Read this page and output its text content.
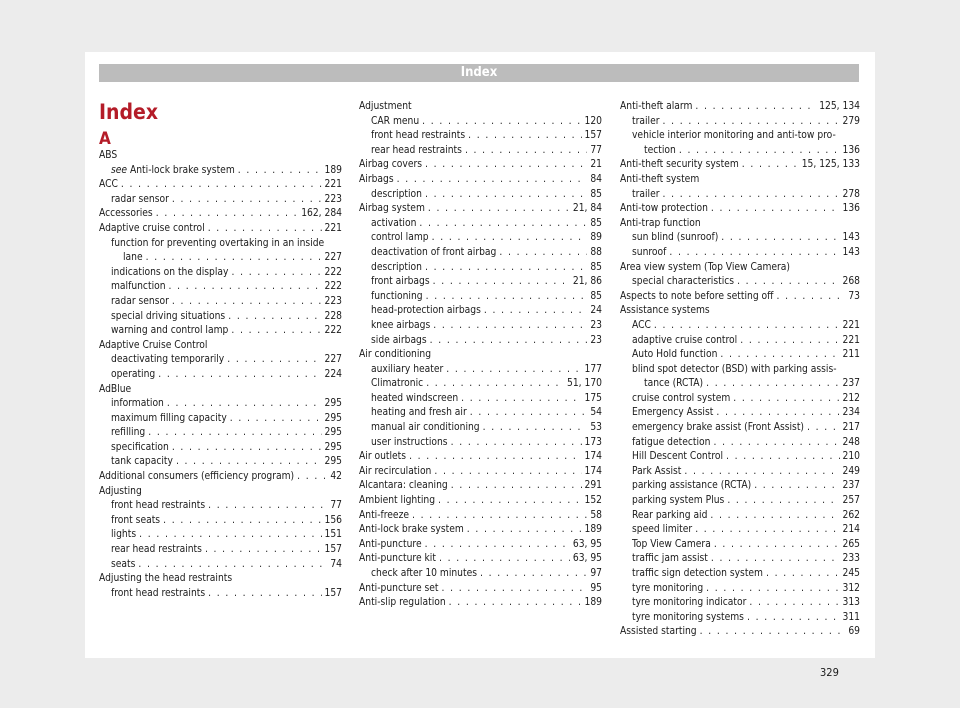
Index
Index
A
ABS
see Anti-lock brake system . . .	189
ACC . . .	221
radar sensor . . .	223
Accessories . . .	162, 284
Adaptive cruise control . . .	221
function for preventing overtaking in an inside
lane . . .	227
indications on the display . . .	222
malfunction . . .	222
radar sensor . . .	223
special driving situations . . .	228
warning and control lamp . . .	222
Adaptive Cruise Control
deactivating temporarily . . .	227
operating . . .	224
AdBlue
information . . .	295
maximum filling capacity . . .	295
refilling . . .	295
specification . . .	295
tank capacity . . .	295
Additional consumers (efficiency program) . . .	42
Adjusting
front head restraints . . .	77
front seats . . .	156
lights . . .	151
rear head restraints . . .	157
seats . . .	74
Adjusting the head restraints
front head restraints . . .	157
Adjustment
CAR menu . . .	120
front head restraints . . .	157
rear head restraints . . .	77
Airbag covers . . .	21
Airbags . . .	84
description . . .	85
Airbag system . . .	21, 84
activation . . .	85
control lamp . . .	89
deactivation of front airbag . . .	88
description . . .	85
front airbags . . .	21, 86
functioning . . .	85
head-protection airbags . . .	24
knee airbags . . .	23
side airbags . . .	23
Air conditioning
auxiliary heater . . .	177
Climatronic . . .	51, 170
heated windscreen . . .	175
heating and fresh air . . .	54
manual air conditioning . . .	53
user instructions . . .	173
Air outlets . . .	174
Air recirculation . . .	174
Alcantara: cleaning . . .	291
Ambient lighting . . .	152
Anti-freeze . . .	58
Anti-lock brake system . . .	189
Anti-puncture . . .	63, 95
Anti-puncture kit . . .	63, 95
check after 10 minutes . . .	97
Anti-puncture set . . .	95
Anti-slip regulation . . .	189
Anti-theft alarm . . .	125, 134
trailer . . .	279
vehicle interior monitoring and anti-tow pro-
tection . . .	136
Anti-theft security system . . .	15, 125, 133
Anti-theft system
trailer . . .	278
Anti-tow protection . . .	136
Anti-trap function
sun blind (sunroof) . . .	143
sunroof . . .	143
Area view system (Top View Camera)
special characteristics . . .	268
Aspects to note before setting off . . .	73
Assistance systems
ACC . . .	221
adaptive cruise control . . .	221
Auto Hold function . . .	211
blind spot detector (BSD) with parking assis-
tance (RCTA) . . .	237
cruise control system . . .	212
Emergency Assist . . .	234
emergency brake assist (Front Assist) . . .	217
fatigue detection . . .	248
Hill Descent Control . . .	210
Park Assist . . .	249
parking assistance (RCTA) . . .	237
parking system Plus . . .	257
Rear parking aid . . .	262
speed limiter . . .	214
Top View Camera . . .	265
traffic jam assist . . .	233
traffic sign detection system . . .	245
tyre monitoring . . .	312
tyre monitoring indicator . . .	313
tyre monitoring systems . . .	311
Assisted starting . . .	69
329
